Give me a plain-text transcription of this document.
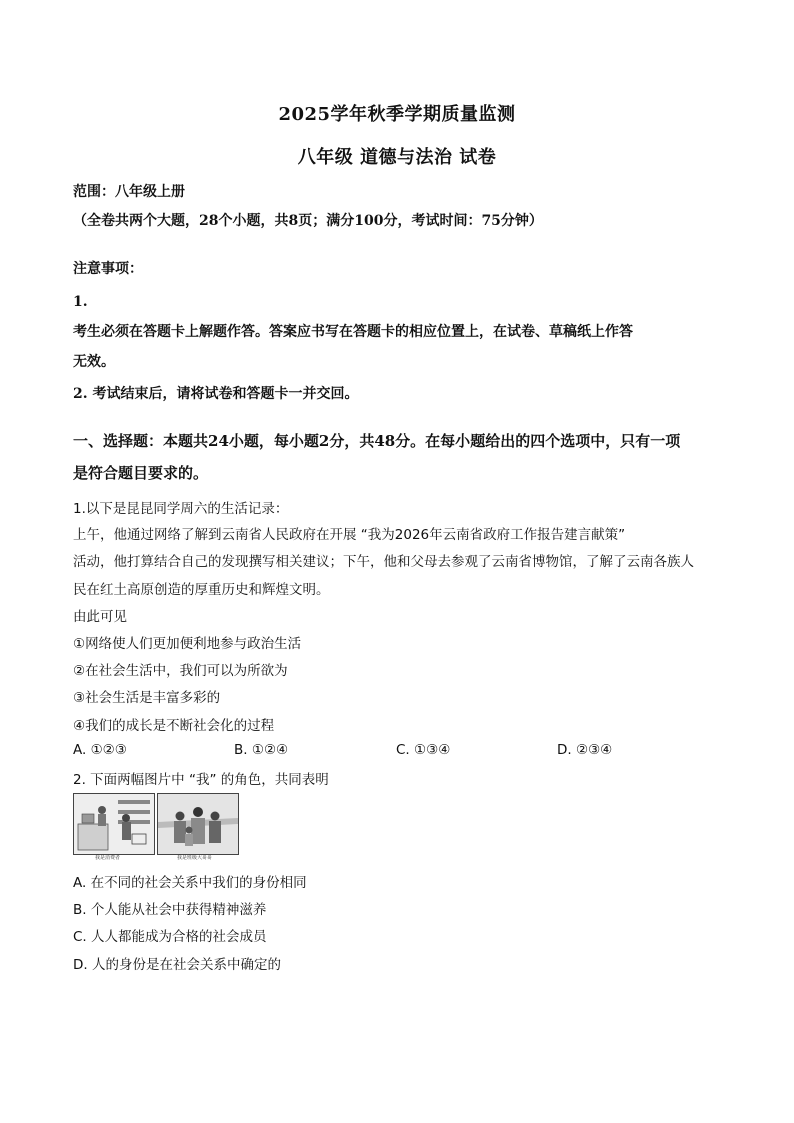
2025学年秋季学期质量监测
八年级 道德与法治 试卷
范围：八年级上册
（全卷共两个大题，28个小题，共8页；满分100分，考试时间：75分钟）
注意事项：
1.
考生必须在答题卡上解题作答。答案应书写在答题卡的相应位置上，在试卷、草稿纸上作答
无效。
2. 考试结束后，请将试卷和答题卡一并交回。
一、选择题：本题共24小题，每小题2分，共48分。在每小题给出的四个选项中，只有一项
是符合题目要求的。
1.以下是昆昆同学周六的生活记录：
上午，他通过网络了解到云南省人民政府在开展 “我为2026年云南省政府工作报告建言献策”
活动，他打算结合自己的发现撰写相关建议；下午，他和父母去参观了云南省博物馆，了解了云南各族人
民在红土高原创造的厚重历史和辉煌文明。
由此可见
①网络使人们更加便利地参与政治生活
②在社会生活中，我们可以为所欲为
③社会生活是丰富多彩的
④我们的成长是不断社会化的过程
A. ①②③	B. ①②④	C. ①③④	D. ②③④
2. 下面两幅图片中 “我” 的角色，共同表明
我是消费者	我是班级大哥哥
A. 在不同的社会关系中我们的身份相同
B. 个人能从社会中获得精神滋养
C. 人人都能成为合格的社会成员
D. 人的身份是在社会关系中确定的
